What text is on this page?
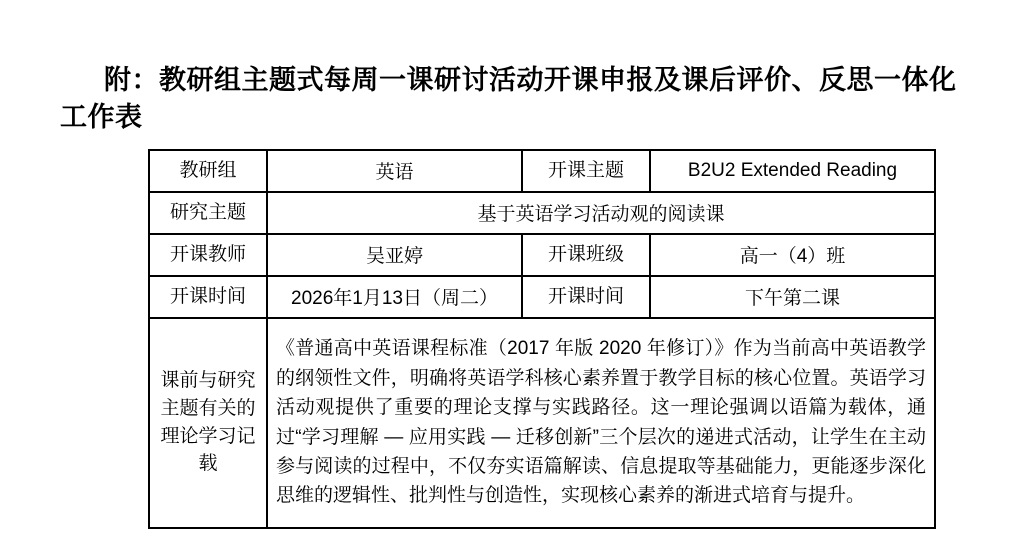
附：教研组主题式每周一课研讨活动开课申报及课后评价、反思一体化工作表
教研组	英语	开课主题	B2U2 Extended Reading
研究主题	基于英语学习活动观的阅读课		
开课教师	吴亚婷	开课班级	高一（4）班
开课时间	2026年1月13日（周二）	开课时间	下午第二课
课前与研究主题有关的理论学习记载	《普通高中英语课程标准（2017 年版 2020 年修订）》作为当前高中英语教学的纲领性文件，明确将英语学科核心素养置于教学目标的核心位置。英语学习活动观提供了重要的理论支撑与实践路径。这一理论强调以语篇为载体，通过“学习理解 — 应用实践 — 迁移创新”三个层次的递进式活动，让学生在主动参与阅读的过程中，不仅夯实语篇解读、信息提取等基础能力，更能逐步深化思维的逻辑性、批判性与创造性，实现核心素养的渐进式培育与提升。		
